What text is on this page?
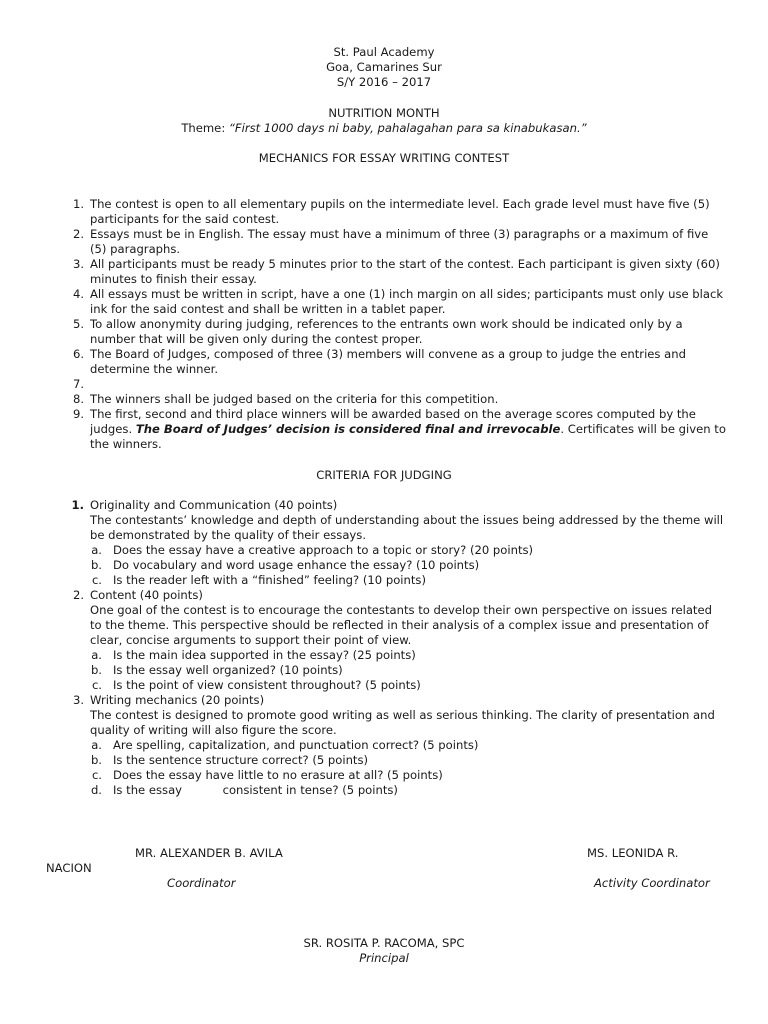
St. Paul Academy
Goa, Camarines Sur
S/Y 2016 – 2017
NUTRITION MONTH
Theme: “First 1000 days ni baby, pahalagahan para sa kinabukasan.”
MECHANICS FOR ESSAY WRITING CONTEST
1. The contest is open to all elementary pupils on the intermediate level. Each grade level must have five (5) participants for the said contest.
2. Essays must be in English. The essay must have a minimum of three (3) paragraphs or a maximum of five (5) paragraphs.
3. All participants must be ready 5 minutes prior to the start of the contest. Each participant is given sixty (60) minutes to finish their essay.
4. All essays must be written in script, have a one (1) inch margin on all sides; participants must only use black ink for the said contest and shall be written in a tablet paper.
5. To allow anonymity during judging, references to the entrants own work should be indicated only by a number that will be given only during the contest proper.
6. The Board of Judges, composed of three (3) members will convene as a group to judge the entries and determine the winner.
7.

8. The winners shall be judged based on the criteria for this competition.
9. The first, second and third place winners will be awarded based on the average scores computed by the judges. The Board of Judges’ decision is considered final and irrevocable. Certificates will be given to the winners.
CRITERIA FOR JUDGING
1. Originality and Communication (40 points)
The contestants’ knowledge and depth of understanding about the issues being addressed by the theme will be demonstrated by the quality of their essays.
a. Does the essay have a creative approach to a topic or story? (20 points)
b. Do vocabulary and word usage enhance the essay? (10 points)
c. Is the reader left with a “finished” feeling? (10 points)
2. Content (40 points)
One goal of the contest is to encourage the contestants to develop their own perspective on issues related to the theme. This perspective should be reflected in their analysis of a complex issue and presentation of clear, concise arguments to support their point of view.
a. Is the main idea supported in the essay? (25 points)
b. Is the essay well organized? (10 points)
c. Is the point of view consistent throughout? (5 points)
3. Writing mechanics (20 points)
The contest is designed to promote good writing as well as serious thinking. The clarity of presentation and quality of writing will also figure the score.
a. Are spelling, capitalization, and punctuation correct? (5 points)
b. Is the sentence structure correct? (5 points)
c. Does the essay have little to no erasure at all? (5 points)
d. Is the essay           consistent in tense? (5 points)
MR. ALEXANDER B. AVILA
Coordinator
MS. LEONIDA R.
NACION
Activity Coordinator
SR. ROSITA P. RACOMA, SPC
Principal
